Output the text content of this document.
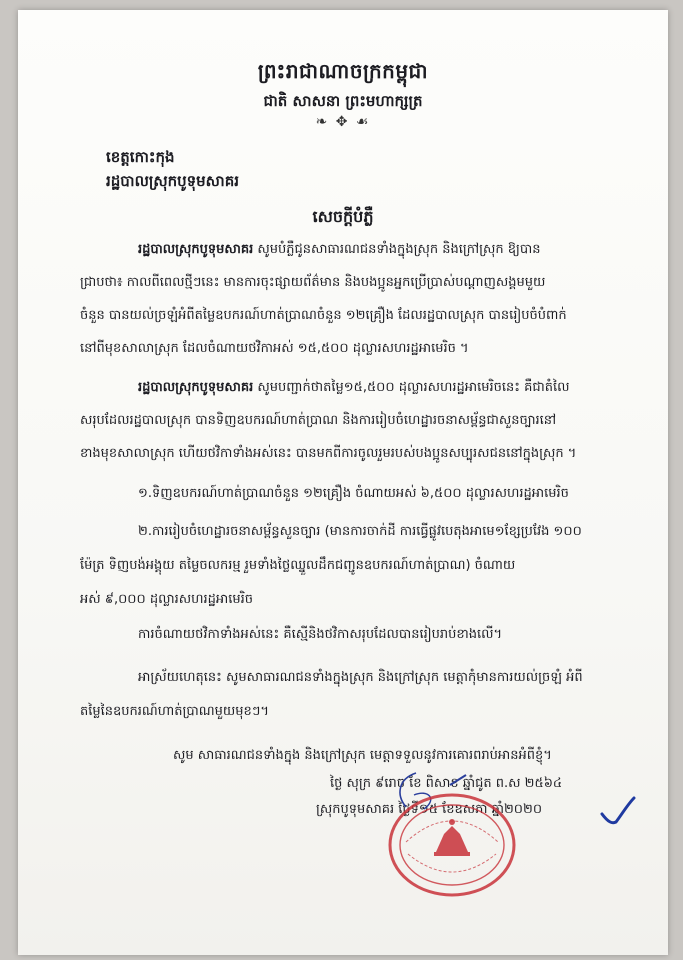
ព្រះរាជាណាចក្រកម្ពុជា
ជាតិ សាសនា ព្រះមហាក្សត្រ
❧ ✥ ☙
ខេត្តកោះកុង
រដ្ឋបាលស្រុកបូទុមសាគរ
សេចក្តីបំភ្លឺ
រដ្ឋបាលស្រុកបូទុមសាគរ សូមបំភ្លឺជូនសាធារណជនទាំងក្នុងស្រុក និងក្រៅស្រុក ឱ្យបាន
ជ្រាបថា៖ កាលពីពេលថ្មីៗនេះ មានការចុះផ្សាយព័ត៌មាន និងបងប្អូនអ្នកប្រើប្រាស់បណ្តាញសង្គមមួយ
ចំនួន បានយល់ច្រឡំអំពីតម្លៃឧបករណ៍ហាត់ប្រាណចំនួន ១២គ្រឿង ដែលរដ្ឋបាលស្រុក បានរៀបចំបំពាក់
នៅពីមុខសាលាស្រុក ដែលចំណាយថវិកាអស់ ១៥,៥០០ ដុល្លារសហរដ្ឋអាមេរិច ។
រដ្ឋបាលស្រុកបូទុមសាគរ សូមបញ្ជាក់ថាតម្លៃ១៥,៥០០ ដុល្លារសហរដ្ឋអាមេរិចនេះ គឺជាតំលៃ
សរុបដែលរដ្ឋបាលស្រុក បានទិញឧបករណ៍ហាត់ប្រាណ និងការរៀបចំហេដ្ឋារចនាសម្ព័ន្ធជាសួនច្បារនៅ
ខាងមុខសាលាស្រុក ហើយថវិកាទាំងអស់នេះ បានមកពីការចូលរួមរបស់បងប្អូនសប្បុរសជននៅក្នុងស្រុក ។
១.ទិញឧបករណ៍ហាត់ប្រាណចំនួន ១២គ្រឿង ចំណាយអស់ ៦,៥០០ ដុល្លារសហរដ្ឋអាមេរិច
២.ការរៀបចំហេដ្ឋារចនាសម្ព័ន្ធសួនច្បារ (មានការចាក់ដី ការធ្វើផ្លូវបេតុងអាមេ១ខ្សែប្រវែង ១០០
ម៉ែត្រ ទិញបង់អង្គុយ តម្លៃចលករម្ម រួមទាំងថ្លៃឈ្នួលដឹកជញ្ជូនឧបករណ៍ហាត់ប្រាណ) ចំណាយ
អស់ ៩,០០០ ដុល្លារសហរដ្ឋអាមេរិច
ការចំណាយថវិកាទាំងអស់នេះ គឺស្មើនិងថវិកាសរុបដែលបានរៀបរាប់ខាងលើ។
អាស្រ័យហេតុនេះ សូមសាធារណជនទាំងក្នុងស្រុក និងក្រៅស្រុក មេត្តាកុំមានការយល់ច្រឡំ អំពី
តម្លៃនៃឧបករណ៍ហាត់ប្រាណមួយមុខៗ។
សូម សាធារណជនទាំងក្នុង និងក្រៅស្រុក មេត្តាទទួលនូវការគោរពរាប់អានអំពីខ្ញុំ។
ថ្ងៃ សុក្រ ៩រោច ខែ ពិសាខ ឆ្នាំជូត ព.ស ២៥៦៤
ស្រុកបូទុមសាគរ ថ្ងៃទី១៥ ខែឧសភា ឆ្នាំ២០២០
